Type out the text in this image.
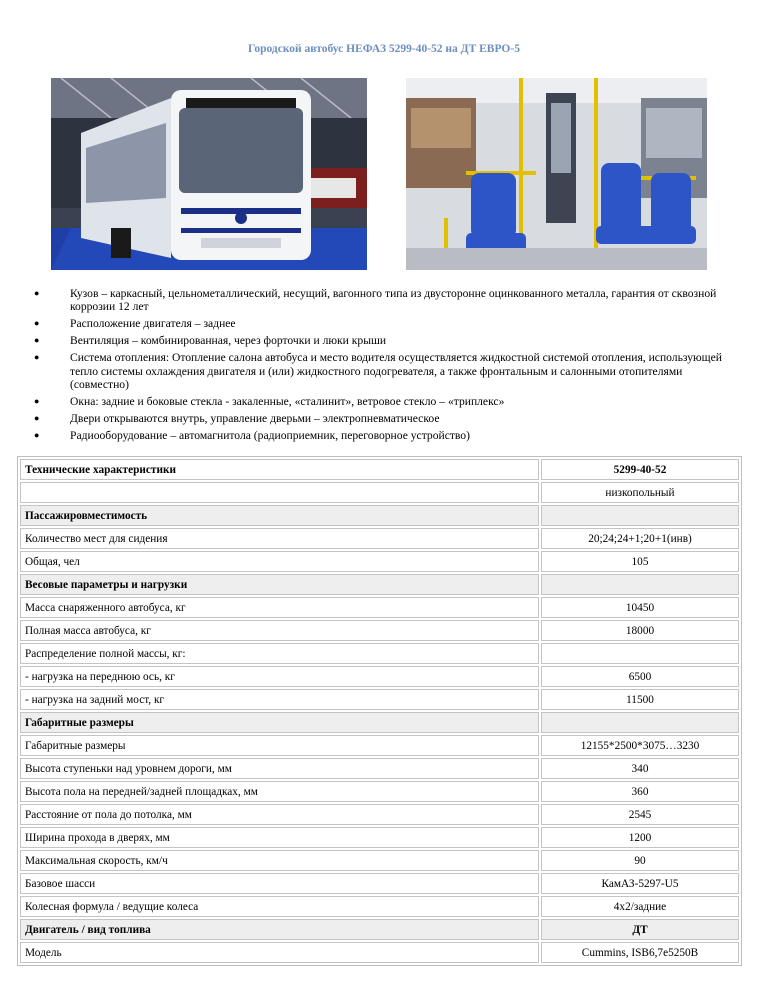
Городской автобус НЕФАЗ 5299-40-52 на ДТ ЕВРО-5
●	Кузов – каркасный, цельнометаллический, несущий, вагонного типа из двусторонне оцинкованного металла, гарантия от сквозной коррозии 12 лет
●	Расположение двигателя – заднее
●	Вентиляция – комбинированная, через форточки и люки крыши
●	Система отопления: Отопление салона автобуса и место водителя осуществляется жидкостной системой отопления, использующей тепло системы охлаждения двигателя и (или) жидкостного подогревателя, а также фронтальным и салонными отопителями (совместно)
●	Окна: задние и боковые стекла - закаленные, «сталинит», ветровое стекло – «триплекс»
●	Двери открываются внутрь, управление дверьми – электропневматическое
●	Радиооборудование – автомагнитола (радиоприемник, переговорное устройство)
Технические характеристики	5299-40-52
	низкопольный
Пассажировместимость	
Количество мест для сидения	20;24;24+1;20+1(инв)
Общая, чел	105
Весовые параметры и нагрузки	
Масса снаряженного автобуса, кг	10450
Полная масса автобуса, кг	18000
Распределение полной массы, кг:	
- нагрузка на переднюю ось, кг	6500
- нагрузка на задний мост, кг	11500
Габаритные размеры	
Габаритные размеры	12155*2500*3075…3230
Высота ступеньки над уровнем дороги, мм	340
Высота пола на передней/задней площадках, мм	360
Расстояние от пола до потолка, мм	2545
Ширина прохода в дверях, мм	1200
Максимальная скорость, км/ч	90
Базовое шасси	КамАЗ-5297-U5
Колесная формула / ведущие колеса	4х2/задние
Двигатель / вид топлива	ДТ
Модель	Cummins, ISB6,7e5250B
